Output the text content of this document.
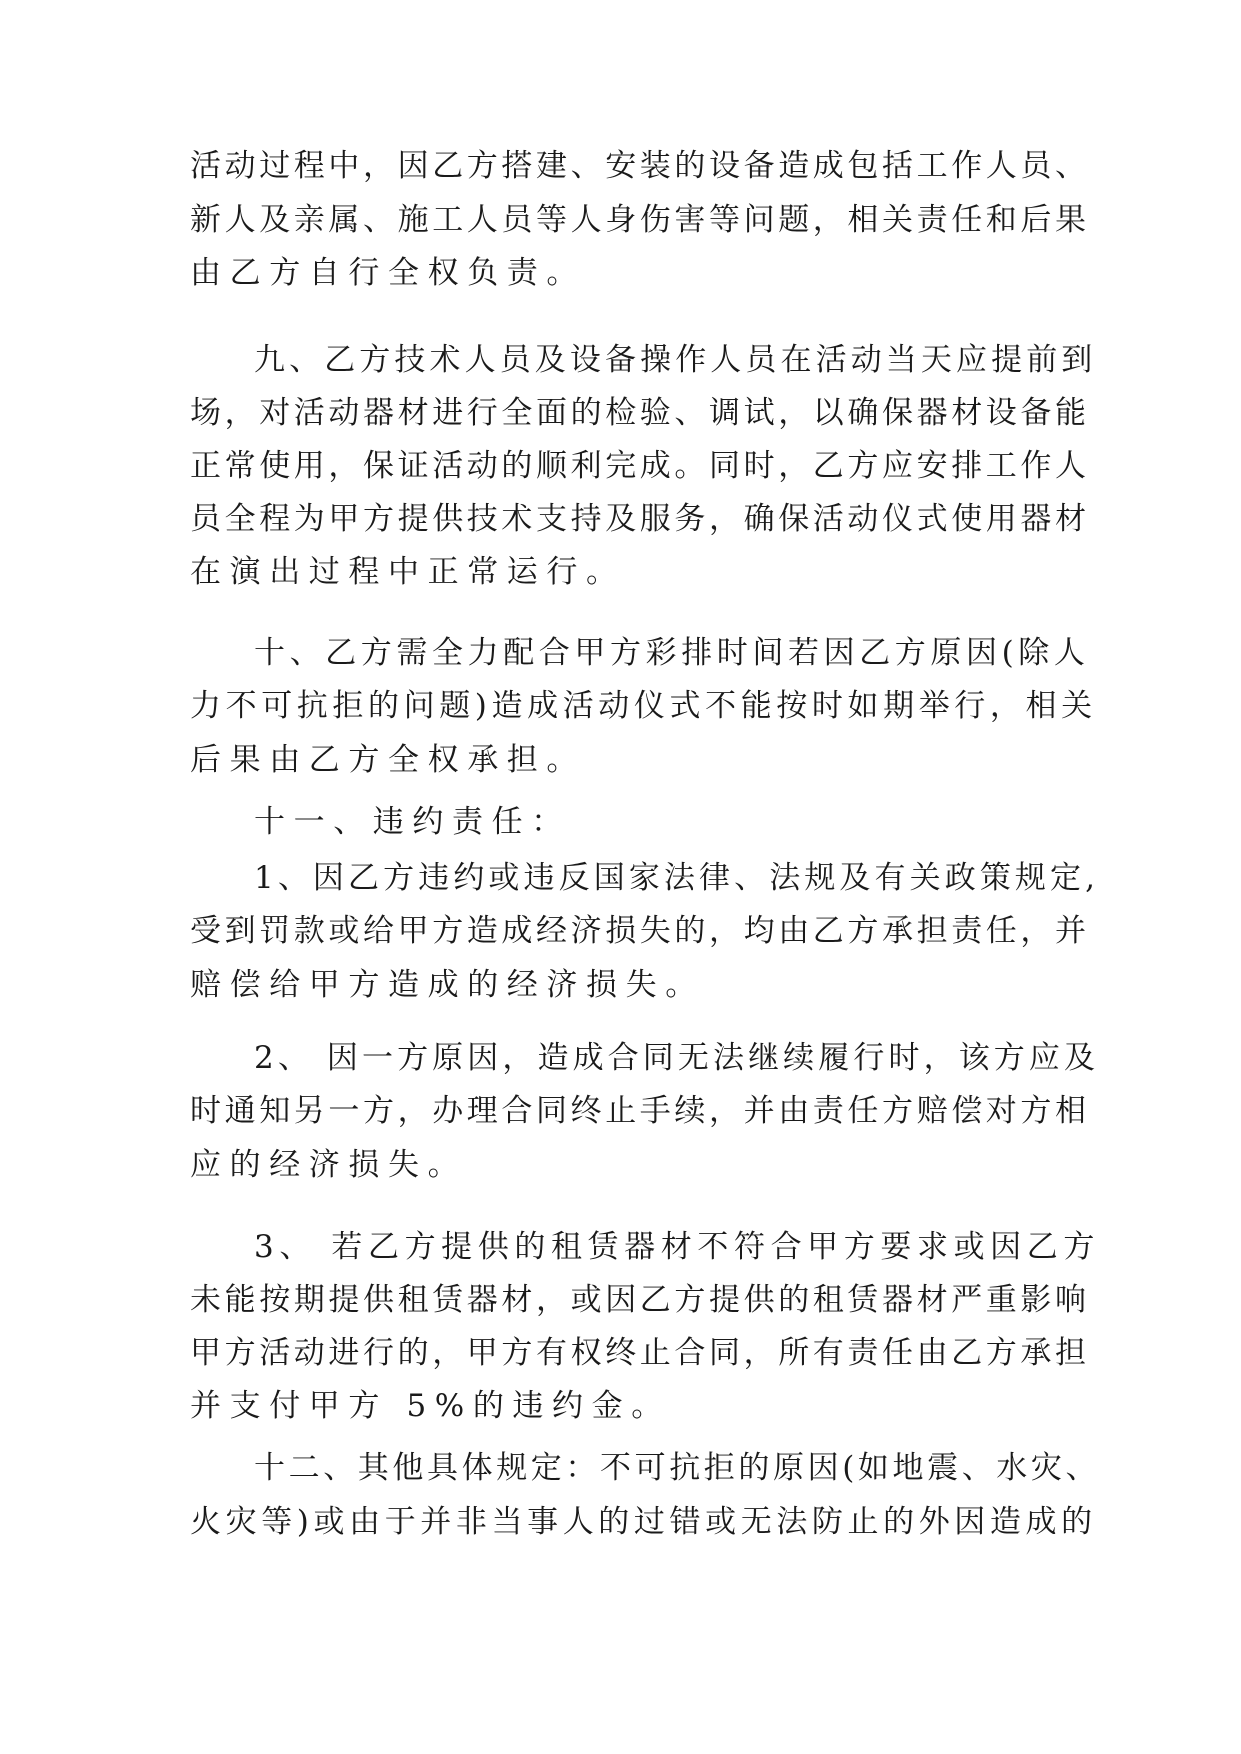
活动过程中，因乙方搭建、安装的设备造成包括工作人员、
新人及亲属、施工人员等人身伤害等问题，相关责任和后果
由乙方自行全权负责。
九、乙方技术人员及设备操作人员在活动当天应提前到
场，对活动器材进行全面的检验、调试，以确保器材设备能
正常使用，保证活动的顺利完成。同时，乙方应安排工作人
员全程为甲方提供技术支持及服务，确保活动仪式使用器材
在演出过程中正常运行。
十、乙方需全力配合甲方彩排时间若因乙方原因(除人
力不可抗拒的问题)造成活动仪式不能按时如期举行，相关
后果由乙方全权承担。
十一、违约责任：
1、因乙方违约或违反国家法律、法规及有关政策规定,
受到罚款或给甲方造成经济损失的，均由乙方承担责任，并
赔偿给甲方造成的经济损失。
2、 因一方原因，造成合同无法继续履行时，该方应及
时通知另一方，办理合同终止手续，并由责任方赔偿对方相
应的经济损失。
3、 若乙方提供的租赁器材不符合甲方要求或因乙方
未能按期提供租赁器材，或因乙方提供的租赁器材严重影响
甲方活动进行的，甲方有权终止合同，所有责任由乙方承担
并支付甲方 5%的违约金。
十二、其他具体规定：不可抗拒的原因(如地震、水灾、
火灾等)或由于并非当事人的过错或无法防止的外因造成的
